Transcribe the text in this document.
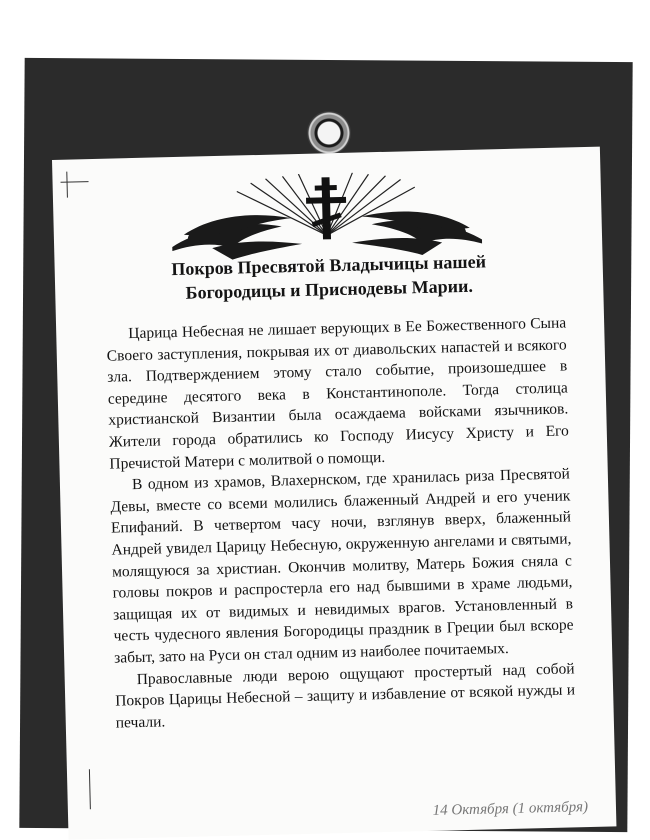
Покров Пресвятой Владычицы нашей
Богородицы и Приснодевы Марии.

Царица Небесная не лишает верующих в Ее Божественного Сына Своего заступления, покрывая их от диавольских напастей и всякого зла. Подтверждением этому стало событие, произошедшее в середине десятого века в Константинополе. Тогда столица христианской Византии была осаждаема войсками язычников. Жители города обратились ко Господу Иисусу Христу и Его Пречистой Матери с молитвой о помощи.

В одном из храмов, Влахернском, где хранилась риза Пресвятой Девы, вместе со всеми молились блаженный Андрей и его ученик Епифаний. В четвертом часу ночи, взглянув вверх, блаженный Андрей увидел Царицу Небесную, окруженную ангелами и святыми, молящуюся за христиан. Окончив молитву, Матерь Божия сняла с головы покров и распростерла его над бывшими в храме людьми, защищая их от видимых и невидимых врагов. Установленный в честь чудесного явления Богородицы праздник в Греции был вскоре забыт, зато на Руси он стал одним из наиболее почитаемых.

Православные люди верою ощущают простертый над собой Покров Царицы Небесной – защиту и избавление от всякой нужды и печали.

14 Октября (1 октября)
